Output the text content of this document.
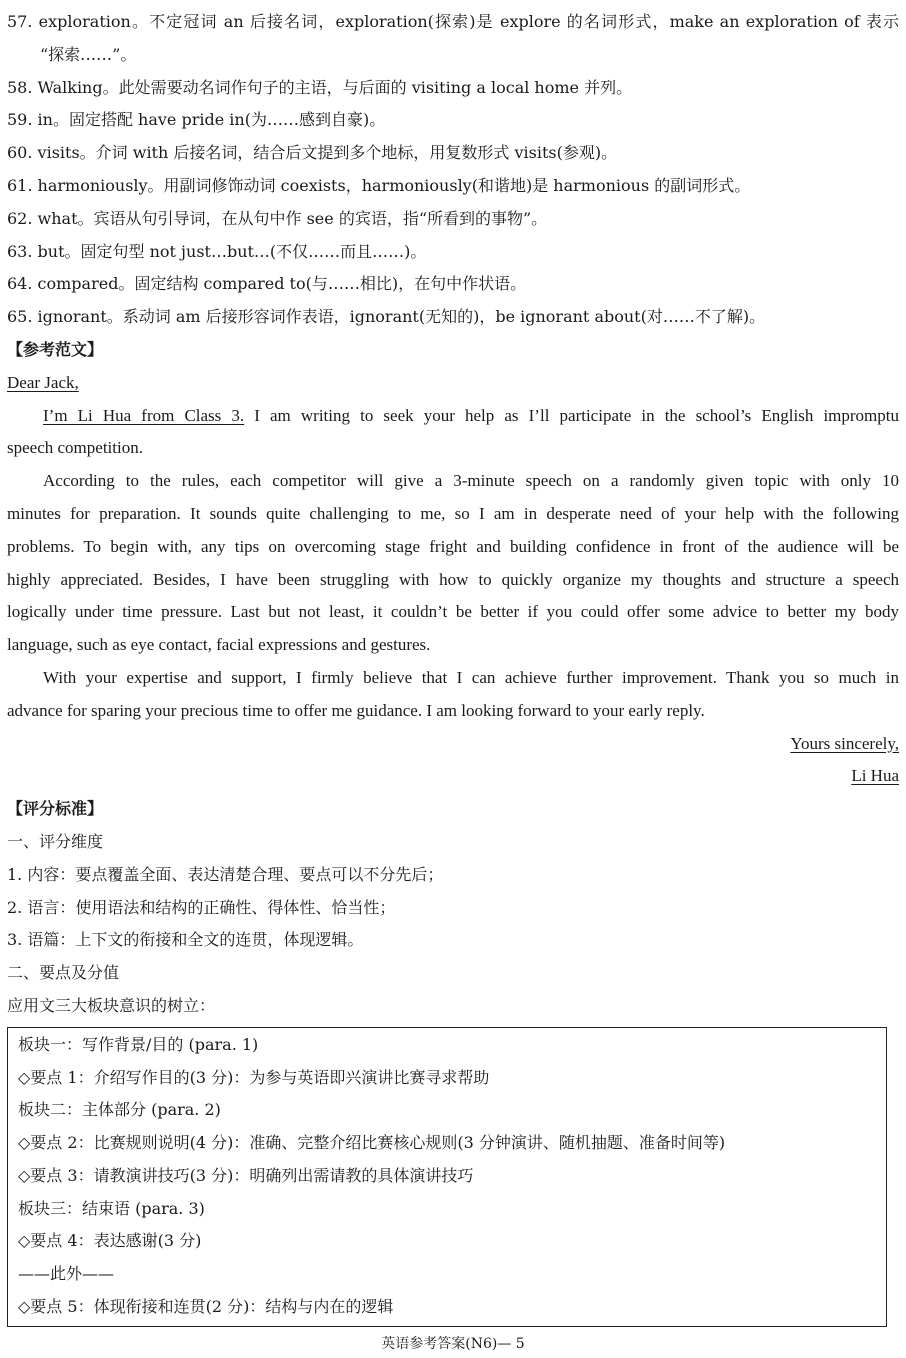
57. exploration。不定冠词 an 后接名词，exploration(探索)是 explore 的名词形式，make an exploration of 表示
“探索……”。
58. Walking。此处需要动名词作句子的主语，与后面的 visiting a local home 并列。
59. in。固定搭配 have pride in(为……感到自豪)。
60. visits。介词 with 后接名词，结合后文提到多个地标，用复数形式 visits(参观)。
61. harmoniously。用副词修饰动词 coexists，harmoniously(和谐地)是 harmonious 的副词形式。
62. what。宾语从句引导词，在从句中作 see 的宾语，指“所看到的事物”。
63. but。固定句型 not just…but…(不仅……而且……)。
64. compared。固定结构 compared to(与……相比)，在句中作状语。
65. ignorant。系动词 am 后接形容词作表语，ignorant(无知的)，be ignorant about(对……不了解)。
【参考范文】
Dear Jack,
I’m Li Hua from Class 3. I am writing to seek your help as I’ll participate in the school’s English impromptu
speech competition.
According to the rules, each competitor will give a 3-minute speech on a randomly given topic with only 10
minutes for preparation. It sounds quite challenging to me, so I am in desperate need of your help with the following
problems. To begin with, any tips on overcoming stage fright and building confidence in front of the audience will be
highly appreciated. Besides, I have been struggling with how to quickly organize my thoughts and structure a speech
logically under time pressure. Last but not least, it couldn’t be better if you could offer some advice to better my body
language, such as eye contact, facial expressions and gestures.
With your expertise and support, I firmly believe that I can achieve further improvement. Thank you so much in
advance for sparing your precious time to offer me guidance. I am looking forward to your early reply.
Yours sincerely,
Li Hua
【评分标准】
一、评分维度
1. 内容：要点覆盖全面、表达清楚合理、要点可以不分先后；
2. 语言：使用语法和结构的正确性、得体性、恰当性；
3. 语篇：上下文的衔接和全文的连贯，体现逻辑。
二、要点及分值
应用文三大板块意识的树立：
板块一：写作背景/目的 (para. 1)
◇要点 1：介绍写作目的(3 分)：为参与英语即兴演讲比赛寻求帮助
板块二：主体部分 (para. 2)
◇要点 2：比赛规则说明(4 分)：准确、完整介绍比赛核心规则(3 分钟演讲、随机抽题、准备时间等)
◇要点 3：请教演讲技巧(3 分)：明确列出需请教的具体演讲技巧
板块三：结束语 (para. 3)
◇要点 4：表达感谢(3 分)
——此外——
◇要点 5：体现衔接和连贯(2 分)：结构与内在的逻辑
英语参考答案(N6)— 5
